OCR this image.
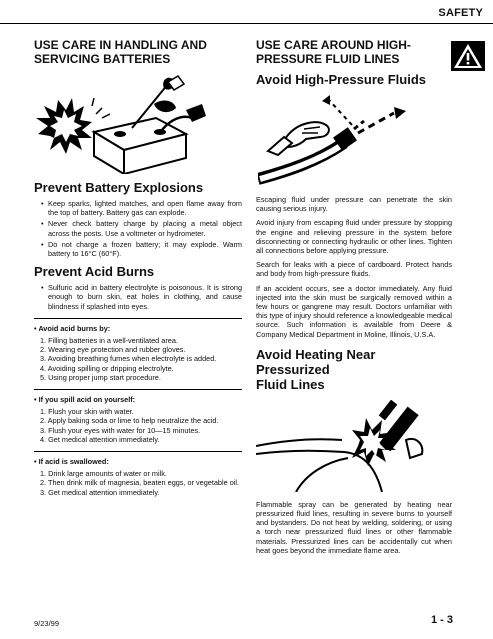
SAFETY
USE CARE IN HANDLING AND
SERVICING BATTERIES
Prevent Battery Explosions
• Keep sparks, lighted matches, and open flame away from the top of battery. Battery gas can explode.
• Never check battery charge by placing a metal object across the posts. Use a voltmeter or hydrometer.
• Do not charge a frozen battery; it may explode. Warm battery to 16°C (60°F).
Prevent Acid Burns
• Sulfuric acid in battery electrolyte is poisonous. It is strong enough to burn skin, eat holes in clothing, and cause blindness if splashed into eyes.
• Avoid acid burns by:
1. Filling batteries in a well-ventilated area.
2. Wearing eye protection and rubber gloves.
3. Avoiding breathing fumes when electrolyte is added.
4. Avoiding spilling or dripping electrolyte.
5. Using proper jump start procedure.
• If you spill acid on yourself:
1. Flush your skin with water.
2. Apply baking soda or lime to help neutralize the acid.
3. Flush your eyes with water for 10—15 minutes.
4. Get medical attention immediately.
• If acid is swallowed:
1. Drink large amounts of water or milk.
2. Then drink milk of magnesia, beaten eggs, or vegetable oil.
3. Get medical attention immediately.
USE CARE AROUND HIGH-
PRESSURE FLUID LINES
Avoid High-Pressure Fluids

Escaping fluid under pressure can penetrate the skin causing serious injury.

Avoid injury from escaping fluid under pressure by stopping the engine and relieving pressure in the system before disconnecting or connecting hydraulic or other lines. Tighten all connections before applying pressure.

Search for leaks with a piece of cardboard. Protect hands and body from high-pressure fluids.

If an accident occurs, see a doctor immediately. Any fluid injected into the skin must be surgically removed within a few hours or gangrene may result. Doctors unfamiliar with this type of injury should reference a knowledgeable medical source. Such information is available from Deere & Company Medical Department in Moline, Illinois, U.S.A.

Avoid Heating Near Pressurized
Fluid Lines

Flammable spray can be generated by heating near pressurized fluid lines, resulting in severe burns to yourself and bystanders. Do not heat by welding, soldering, or using a torch near pressurized fluid lines or other flammable materials. Pressurized lines can be accidentally cut when heat goes beyond the immediate flame area.

9/23/99	1 - 3
